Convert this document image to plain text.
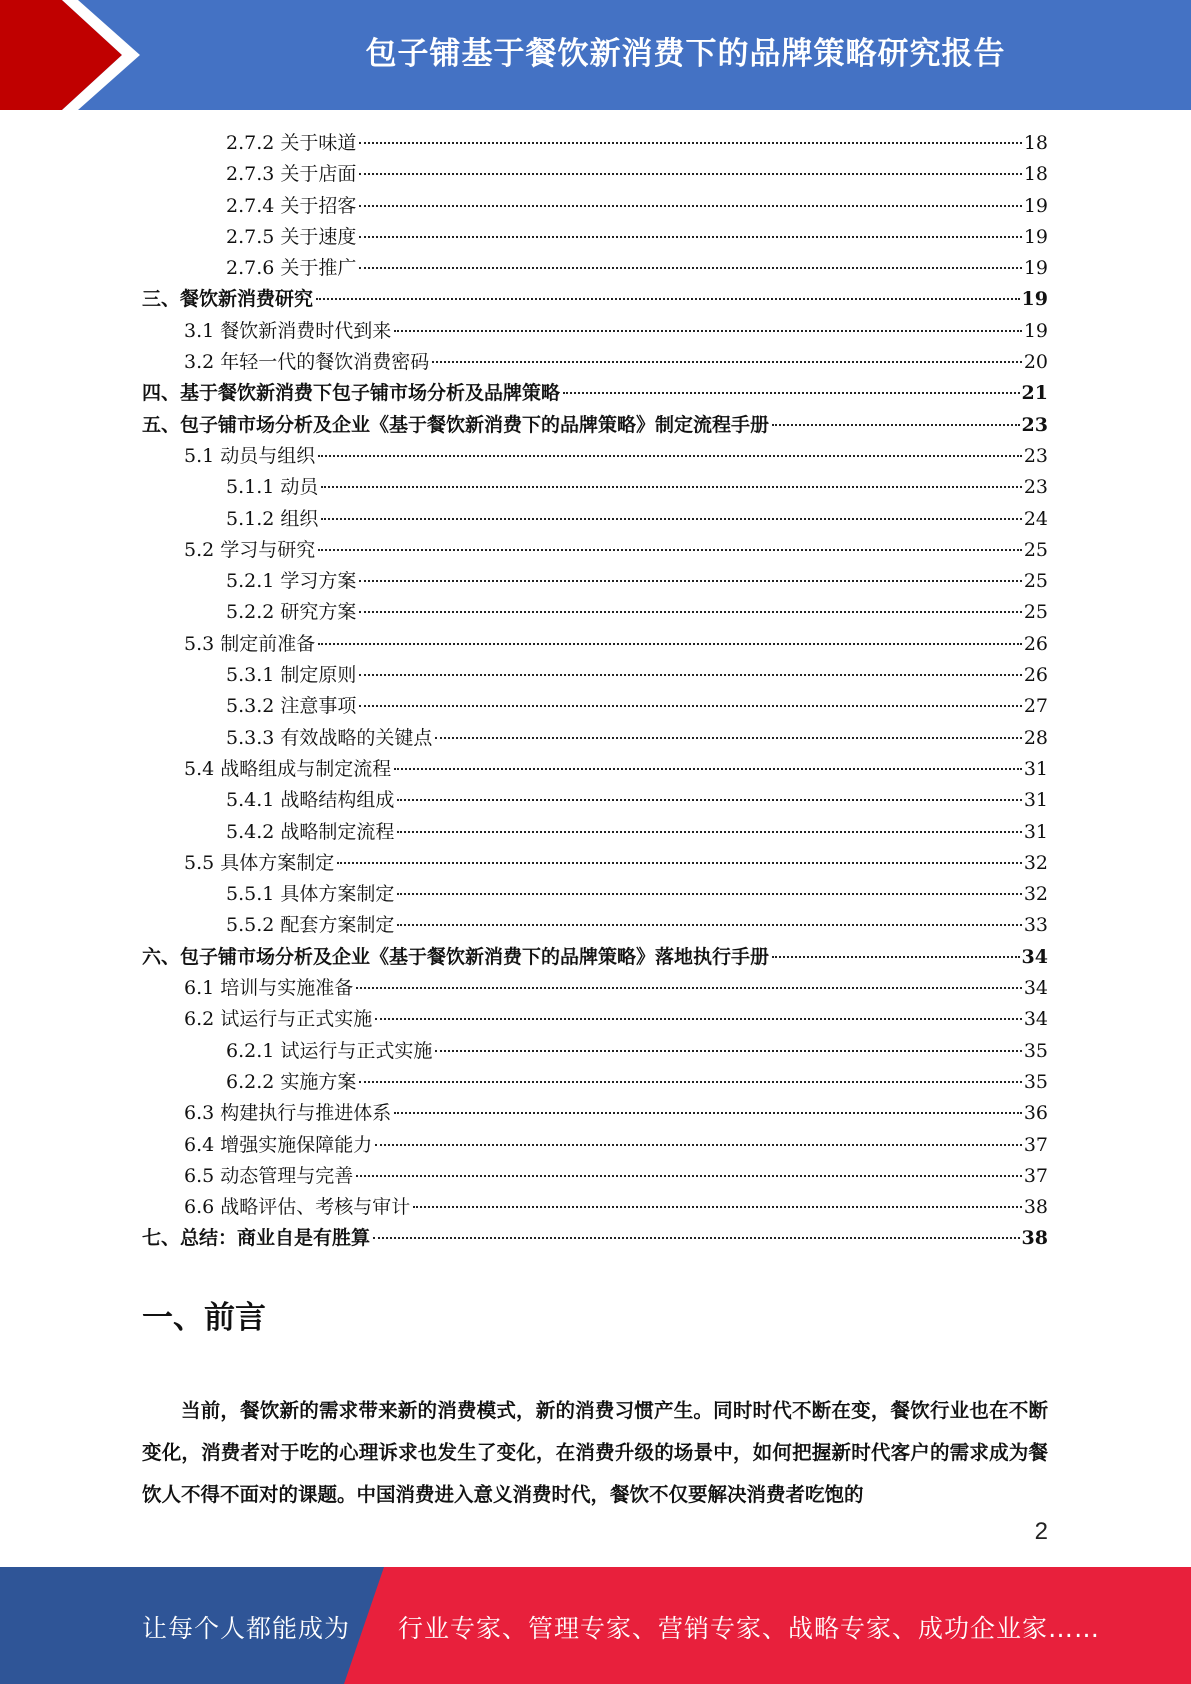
包子铺基于餐饮新消费下的品牌策略研究报告
2.7.2 关于味道	18
2.7.3 关于店面	18
2.7.4 关于招客	19
2.7.5 关于速度	19
2.7.6 关于推广	19
三、餐饮新消费研究	19
3.1 餐饮新消费时代到来	19
3.2 年轻一代的餐饮消费密码	20
四、基于餐饮新消费下包子铺市场分析及品牌策略	21
五、包子铺市场分析及企业《基于餐饮新消费下的品牌策略》制定流程手册	23
5.1 动员与组织	23
5.1.1 动员	23
5.1.2 组织	24
5.2 学习与研究	25
5.2.1 学习方案	25
5.2.2 研究方案	25
5.3 制定前准备	26
5.3.1 制定原则	26
5.3.2 注意事项	27
5.3.3 有效战略的关键点	28
5.4 战略组成与制定流程	31
5.4.1 战略结构组成	31
5.4.2 战略制定流程	31
5.5 具体方案制定	32
5.5.1 具体方案制定	32
5.5.2 配套方案制定	33
六、包子铺市场分析及企业《基于餐饮新消费下的品牌策略》落地执行手册	34
6.1 培训与实施准备	34
6.2 试运行与正式实施	34
6.2.1 试运行与正式实施	35
6.2.2 实施方案	35
6.3 构建执行与推进体系	36
6.4 增强实施保障能力	37
6.5 动态管理与完善	37
6.6 战略评估、考核与审计	38
七、总结：商业自是有胜算	38
一、前言
当前，餐饮新的需求带来新的消费模式，新的消费习惯产生。同时时代不断在变，餐饮行业也在不断变化，消费者对于吃的心理诉求也发生了变化，在消费升级的场景中，如何把握新时代客户的需求成为餐饮人不得不面对的课题。中国消费进入意义消费时代，餐饮不仅要解决消费者吃饱的
2
让每个人都能成为 行业专家、管理专家、营销专家、战略专家、成功企业家……
